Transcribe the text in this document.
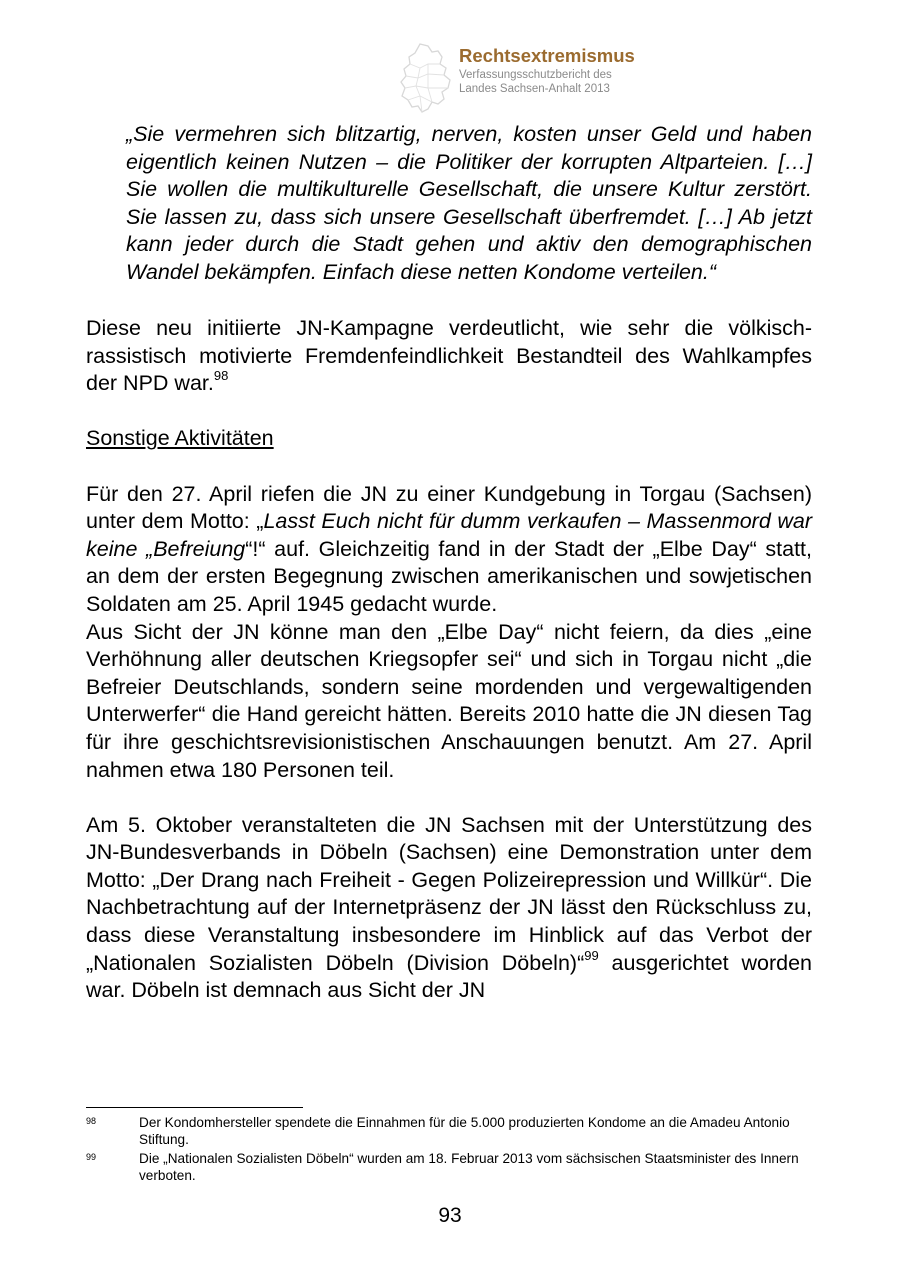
Rechtsextremismus
Verfassungsschutzbericht des
Landes Sachsen-Anhalt 2013
„Sie vermehren sich blitzartig, nerven, kosten unser Geld und haben eigentlich keinen Nutzen – die Politiker der korrupten Altparteien. […] Sie wollen die multikulturelle Gesellschaft, die unsere Kultur zerstört. Sie lassen zu, dass sich unsere Gesellschaft überfremdet. […] Ab jetzt kann jeder durch die Stadt gehen und aktiv den demographischen Wandel bekämpfen. Einfach diese netten Kondome verteilen.“

Diese neu initiierte JN-Kampagne verdeutlicht, wie sehr die völkisch-rassistisch motivierte Fremdenfeindlichkeit Bestandteil des Wahlkampfes der NPD war.$^{98}$

Sonstige Aktivitäten

Für den 27. April riefen die JN zu einer Kundgebung in Torgau (Sachsen) unter dem Motto: „Lasst Euch nicht für dumm verkaufen – Massenmord war keine „Befreiung“!“ auf. Gleichzeitig fand in der Stadt der „Elbe Day“ statt, an dem der ersten Begegnung zwischen amerikanischen und sowjetischen Soldaten am 25. April 1945 gedacht wurde.

Aus Sicht der JN könne man den „Elbe Day“ nicht feiern, da dies „eine Verhöhnung aller deutschen Kriegsopfer sei“ und sich in Torgau nicht „die Befreier Deutschlands, sondern seine mordenden und vergewaltigenden Unterwerfer“ die Hand gereicht hätten. Bereits 2010 hatte die JN diesen Tag für ihre geschichtsrevisionistischen Anschauungen benutzt. Am 27. April nahmen etwa 180 Personen teil.

Am 5. Oktober veranstalteten die JN Sachsen mit der Unterstützung des JN-Bundesverbands in Döbeln (Sachsen) eine Demonstration unter dem Motto: „Der Drang nach Freiheit - Gegen Polizeirepression und Willkür“. Die Nachbetrachtung auf der Internetpräsenz der JN lässt den Rückschluss zu, dass diese Veranstaltung insbesondere im Hinblick auf das Verbot der „Nationalen Sozialisten Döbeln (Division Döbeln)“$^{99}$ ausgerichtet worden war. Döbeln ist demnach aus Sicht der JN

98	Der Kondomhersteller spendete die Einnahmen für die 5.000 produzierten Kondome an die Amadeu Antonio Stiftung.
99	Die „Nationalen Sozialisten Döbeln“ wurden am 18. Februar 2013 vom sächsischen Staatsminister des Innern verboten.
93
